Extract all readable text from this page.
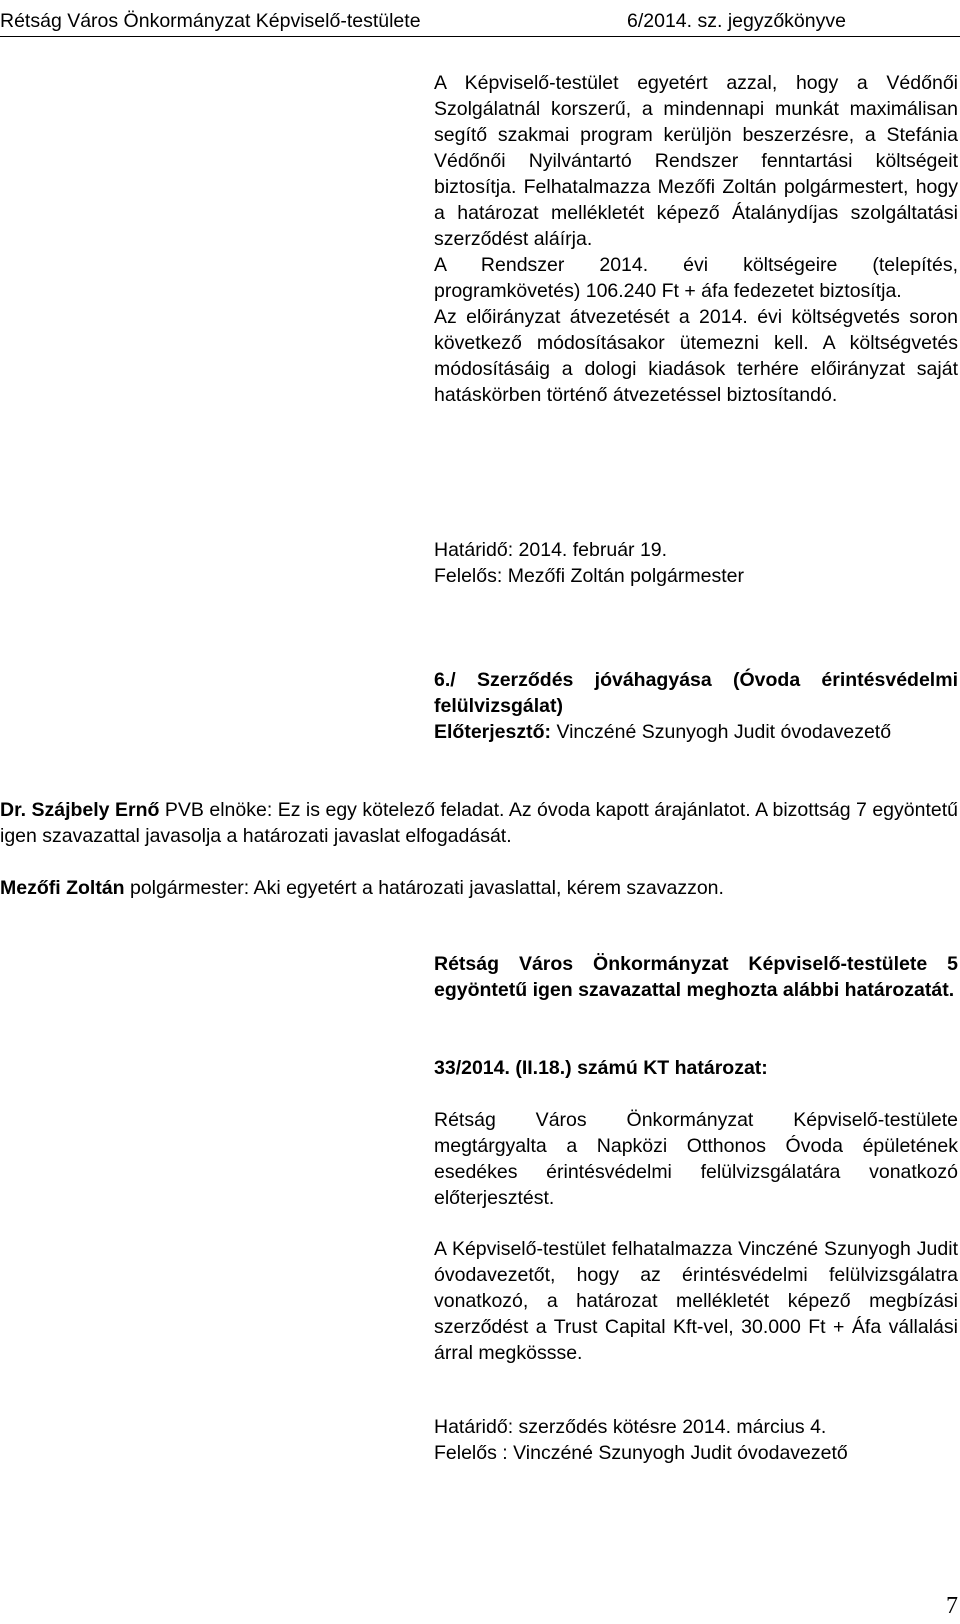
Rétság Város Önkormányzat Képviselő-testülete	6/2014. sz. jegyzőkönyve

A Képviselő-testület egyetért azzal, hogy a Védőnői Szolgálatnál korszerű, a mindennapi munkát maximálisan segítő szakmai program kerüljön beszerzésre, a Stefánia Védőnői Nyilvántartó Rendszer fenntartási költségeit biztosítja. Felhatalmazza Mezőfi Zoltán polgármestert, hogy a határozat mellékletét képező Átalánydíjas szolgáltatási szerződést aláírja.

A Rendszer 2014. évi költségeire (telepítés, programkövetés) 106.240 Ft + áfa fedezetet biztosítja.

Az előirányzat átvezetését a 2014. évi költségvetés soron következő módosításakor ütemezni kell. A költségvetés módosításáig a dologi kiadások terhére előirányzat saját hatáskörben történő átvezetéssel biztosítandó.

Határidő: 2014. február 19.

Felelős: Mezőfi Zoltán polgármester

6./ Szerződés jóváhagyása (Óvoda érintésvédelmi felülvizsgálat)

Előterjesztő: Vinczéné Szunyogh Judit óvodavezető

Dr. Szájbely Ernő PVB elnöke: Ez is egy kötelező feladat. Az óvoda kapott árajánlatot. A bizottság 7 egyöntetű igen szavazattal javasolja a határozati javaslat elfogadását.

Mezőfi Zoltán polgármester: Aki egyetért a határozati javaslattal, kérem szavazzon.

Rétság Város Önkormányzat Képviselő-testülete 5 egyöntetű igen szavazattal meghozta alábbi határozatát.

33/2014. (II.18.) számú KT határozat:

Rétság Város Önkormányzat Képviselő-testülete megtárgyalta a Napközi Otthonos Óvoda épületének esedékes érintésvédelmi felülvizsgálatára vonatkozó előterjesztést.

A Képviselő-testület felhatalmazza Vinczéné Szunyogh Judit óvodavezetőt, hogy az érintésvédelmi felülvizsgálatra vonatkozó, a határozat mellékletét képező megbízási szerződést a Trust Capital Kft-vel, 30.000 Ft + Áfa vállalási árral megkössse.

Határidő: szerződés kötésre 2014. március 4.

Felelős : Vinczéné Szunyogh Judit óvodavezető

7
